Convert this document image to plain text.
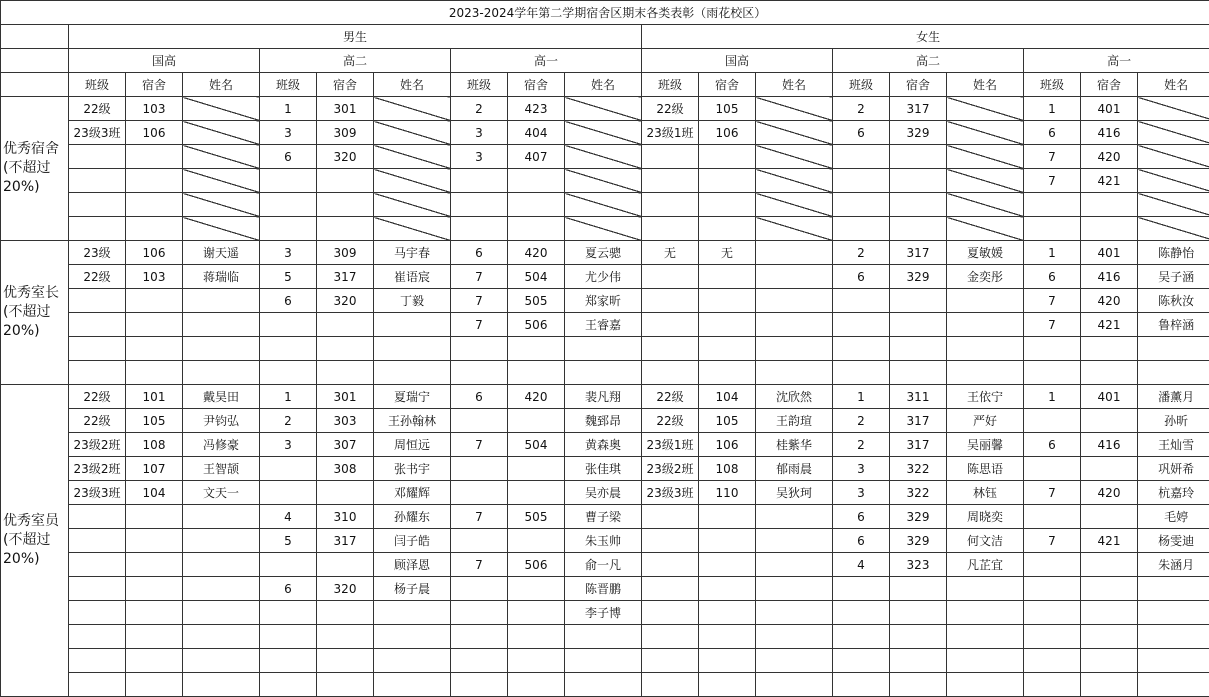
2023-2024学年第二学期宿舍区期末各类表彰（雨花校区）																		
	男生									女生								
	国高			高二			高一			国高			高二			高一		
	班级	宿舍	姓名	班级	宿舍	姓名	班级	宿舍	姓名	班级	宿舍	姓名	班级	宿舍	姓名	班级	宿舍	姓名
优秀宿舍(不超过20%)	22级	103		1	301		2	423		22级	105		2	317		1	401	
	23级3班	106		3	309		3	404		23级1班	106		6	329		6	416	
				6	320		3	407								7	420	
																7	421	

优秀室长(不超过20%)	23级	106	谢天遥	3	309	马宇春	6	420	夏云骢	无	无		2	317	夏敏媛	1	401	陈静怡
	22级	103	蒋瑞临	5	317	崔语宸	7	504	尤少伟				6	329	金奕彤	6	416	吴子涵
				6	320	丁毅	7	505	郑家昕							7	420	陈秋汝
							7	506	王睿嘉							7	421	鲁梓涵

优秀室员(不超过20%)	22级	101	戴昊田	1	301	夏瑞宁	6	420	裴凡翔	22级	104	沈欣然	1	311	王依宁	1	401	潘薰月
	22级	105	尹钧弘	2	303	王孙翰林			魏郅昂	22级	105	王韵瑄	2	317	严好			孙昕
	23级2班	108	冯修豪	3	307	周恒远	7	504	黄森奥	23级1班	106	桂紫华	2	317	吴丽馨	6	416	王灿雪
	23级2班	107	王智颉		308	张书宇			张佳琪	23级2班	108	郁雨晨	3	322	陈思语			巩妍希
	23级3班	104	文天一			邓耀辉			吴亦晨	23级3班	110	吴狄珂	3	322	林钰	7	420	杭嘉玲
				4	310	孙耀东	7	505	曹子梁				6	329	周晓奕			毛婷
				5	317	闫子皓			朱玉帅				6	329	何文洁	7	421	杨雯迪
						顾泽恩	7	506	俞一凡				4	323	凡芷宜			朱涵月
				6	320	杨子晨			陈晋鹏									
									李子博									
